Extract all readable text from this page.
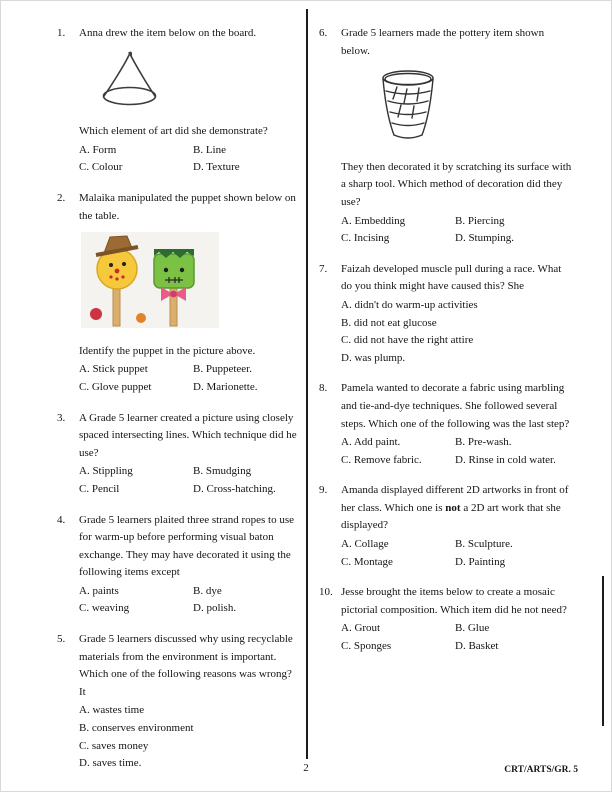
1.	Anna drew the item below on the board.
Which element of art did she demonstrate?
A. Form	B. Line
C. Colour	D. Texture
2.	Malaika manipulated the puppet shown below on the table.
Identify the puppet in the picture above.
A. Stick puppet	B. Puppeteer.
C. Glove puppet	D. Marionette.
3.	A Grade 5 learner created a picture using closely spaced intersecting lines. Which technique did he use?
A. Stippling	B. Smudging
C. Pencil	D. Cross-hatching.
4.	Grade 5 learners plaited three strand ropes to use for warm-up before performing visual baton exchange. They may have decorated it using the following items except
A. paints	B. dye
C. weaving	D. polish.
5.	Grade 5 learners discussed why using recyclable materials from the environment is important. Which one of the following reasons was wrong? It
A. wastes time
B. conserves environment
C. saves money
D. saves time.
6.	Grade 5 learners made the pottery item shown below.
They then decorated it by scratching its surface with a sharp tool. Which method of decoration did they use?
A. Embedding	B. Piercing
C. Incising	D. Stumping.
7.	Faizah developed muscle pull during a race. What do you think might have caused this? She
A. didn't do warm-up activities
B. did not eat glucose
C. did not have the right attire
D. was plump.
8.	Pamela wanted to decorate a fabric using marbling and tie-and-dye techniques. She followed several steps. Which one of the following was the last step?
A. Add paint.	B. Pre-wash.
C. Remove fabric.	D. Rinse in cold water.
9.	Amanda displayed different 2D artworks in front of her class. Which one is not a 2D art work that she displayed?
A. Collage	B. Sculpture.
C. Montage	D. Painting
10. Jesse brought the items below to create a mosaic pictorial composition. Which item did he not need?
A. Grout	B. Glue
C. Sponges	D. Basket
2	CRT/ARTS/GR. 5
